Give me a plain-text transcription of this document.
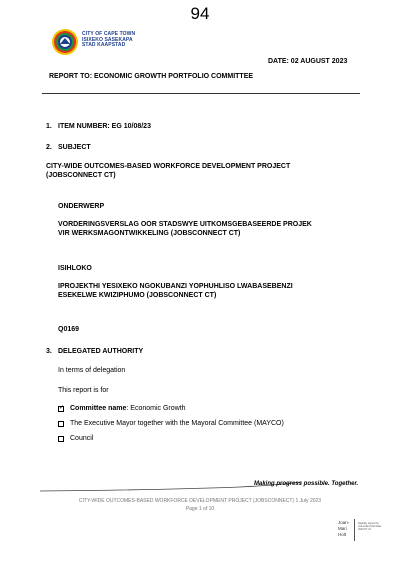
94
CITY OF CAPE TOWN
ISIXEKO SASEKAPA
STAD KAAPSTAD
DATE: 02 AUGUST 2023
REPORT TO: ECONOMIC GROWTH PORTFOLIO COMMITTEE
1. ITEM NUMBER: EG 10/08/23
2. SUBJECT
CITY-WIDE OUTCOMES-BASED WORKFORCE DEVELOPMENT PROJECT
(JOBSCONNECT CT)
ONDERWERP
VORDERINGSVERSLAG OOR STADSWYE UITKOMSGEBASEERDE PROJEK
VIR WERKSMAGONTWIKKELING (JOBSCONNECT CT)
ISIHLOKO
IPROJEKTHI YESIXEKO NGOKUBANZI YOPHUHLISO LWABASEBENZI
ESEKELWE KWIZIPHUMO (JOBSCONNECT CT)
Q0169
3. DELEGATED AUTHORITY
In terms of delegation
This report is for
✓
Committee name : Economic Growth
The Executive Mayor together with the Mayoral Committee (MAYCO)
Council
Making progress possible. Together.
CITY-WIDE OUTCOMES-BASED WORKFORCE DEVELOPMENT PROJECT (JOBSCONNECT) 1 July 2023
Page 1 of 10
Joan-
Mari
Holt
Digitally signed by Joan-Mari Holt Date: 2023.07.21
